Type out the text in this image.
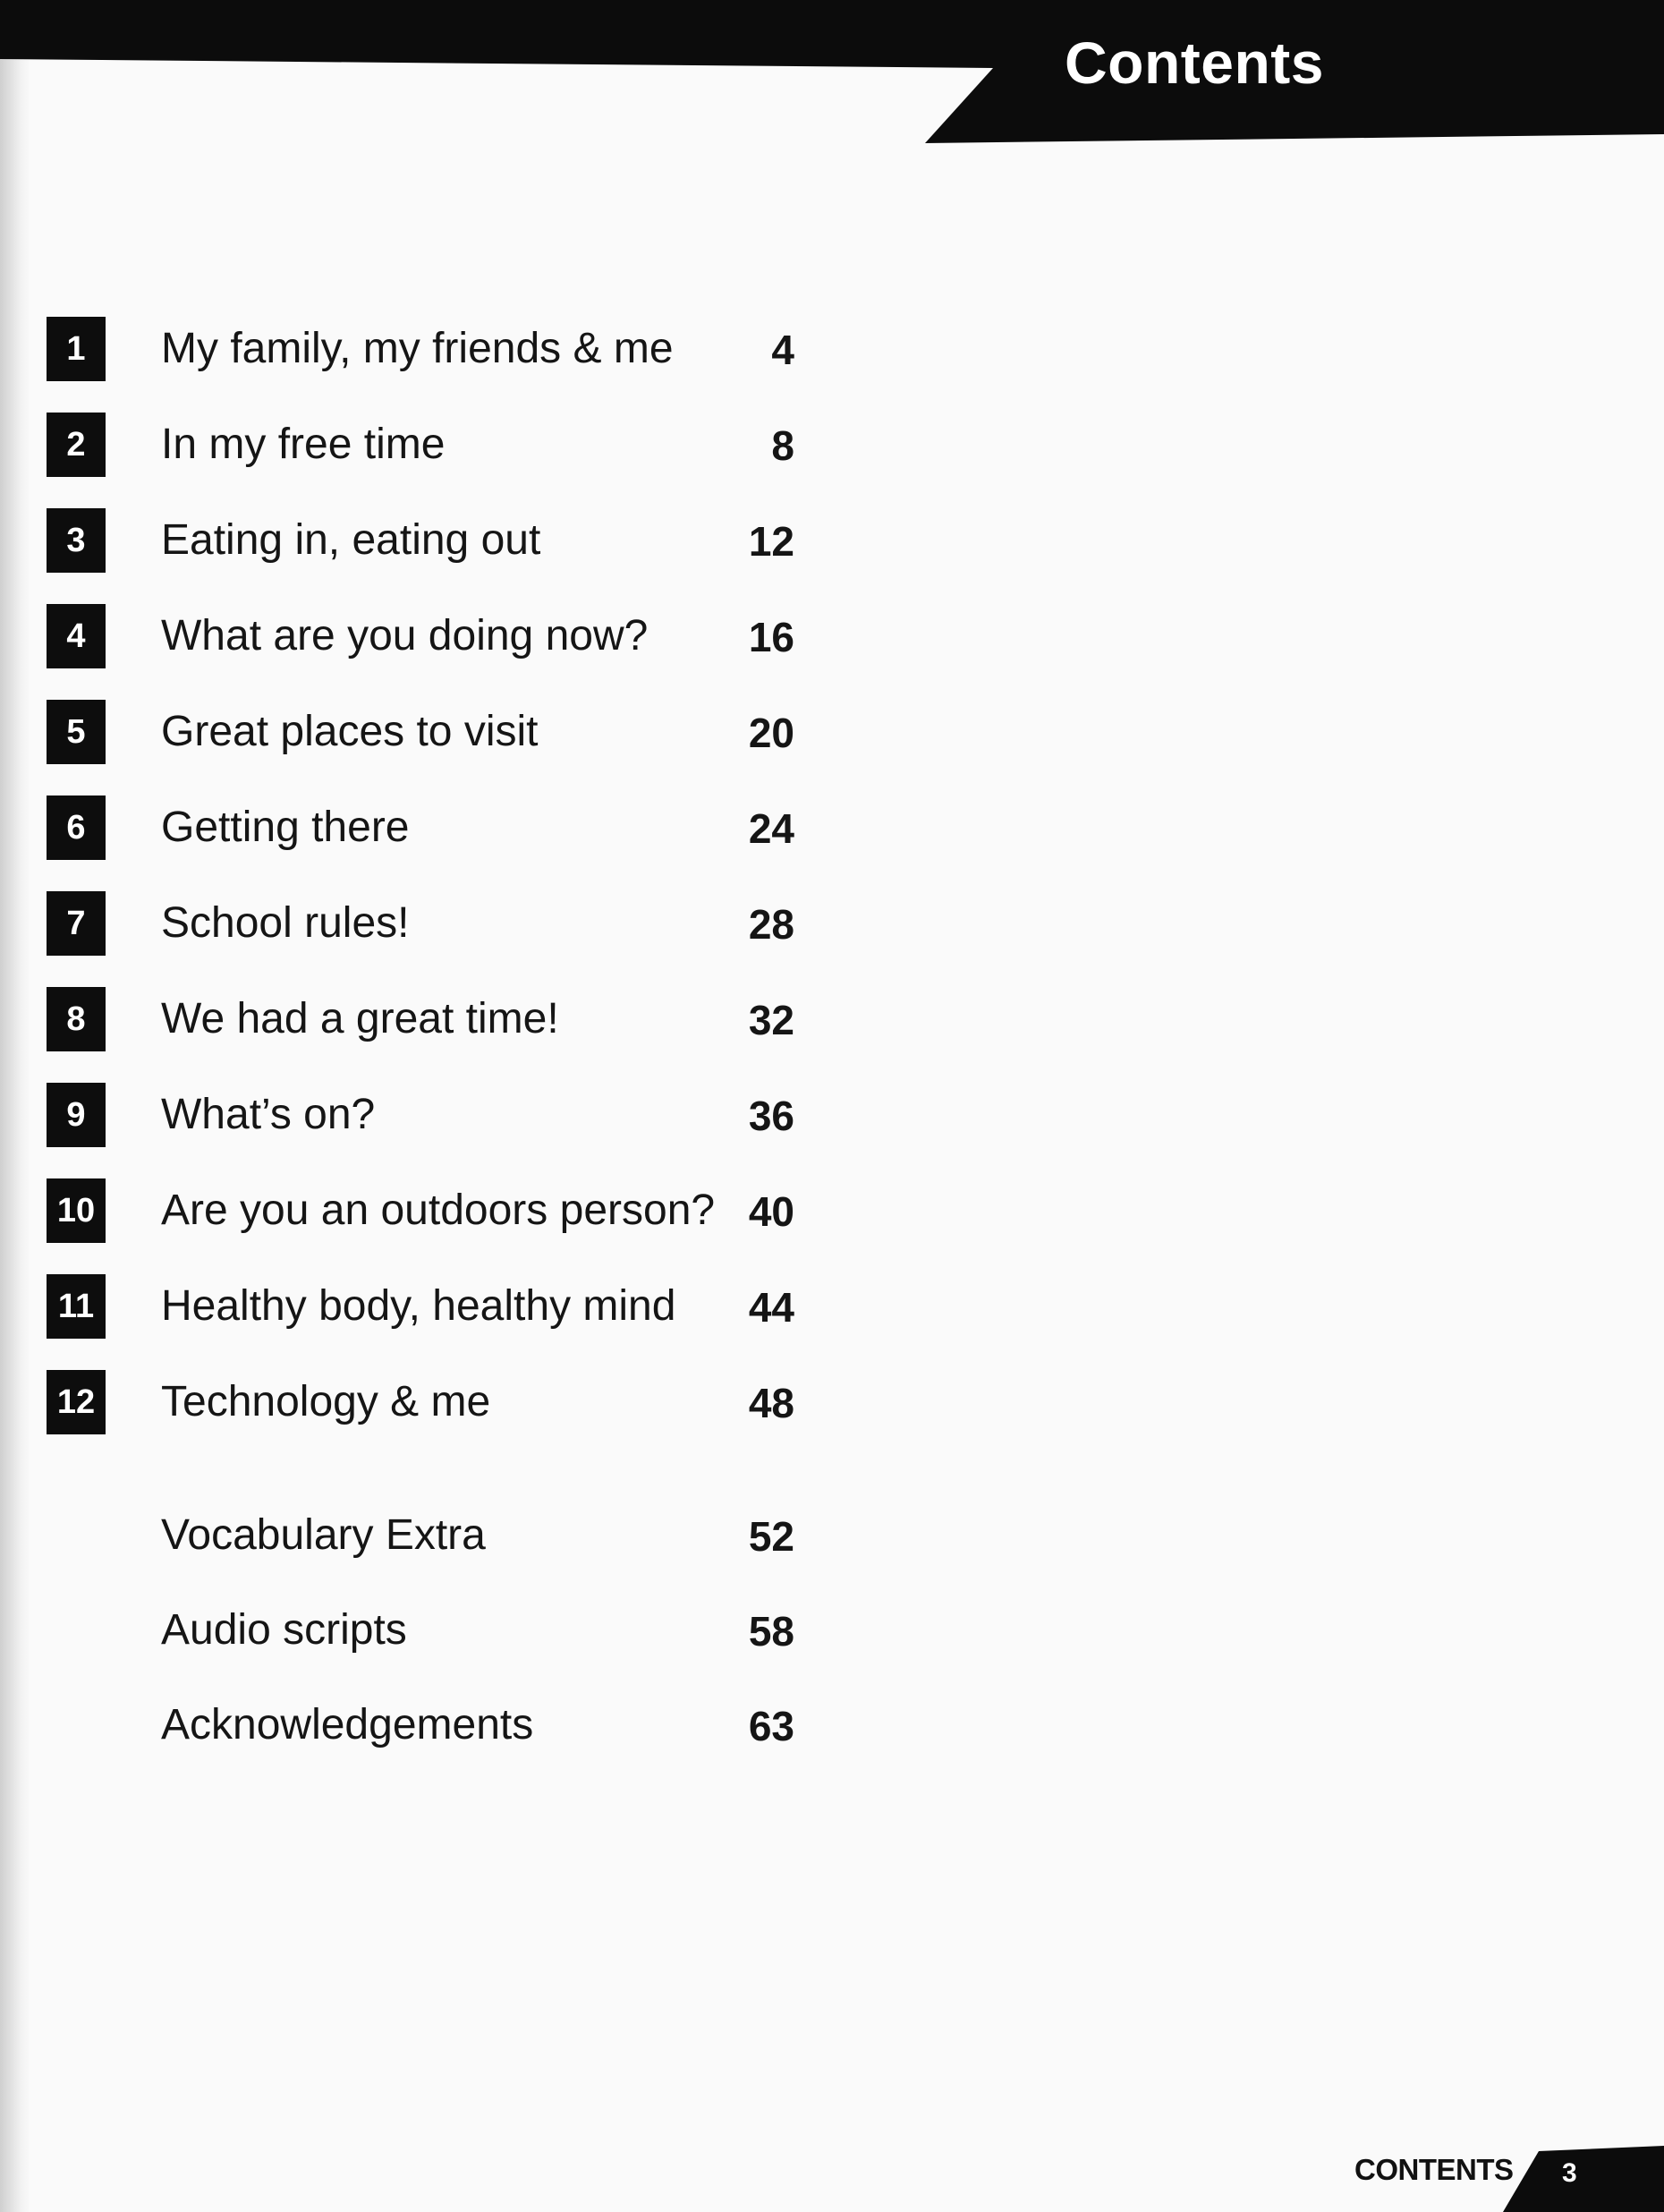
Contents
1	My family, my friends & me 4
2	In my free time	8
3	Eating in, eating out	12
4	What are you doing now? 16
5	Great places to visit	20
6	Getting there	24
7	School rules!	28
8	We had a great time!	32
9	What’s on?	36
10 Are you an outdoors person? 40
11 Healthy body, healthy mind 44
12 Technology & me	48
Vocabulary Extra	52
Audio scripts	58
Acknowledgements	63
CONTENTS 3
